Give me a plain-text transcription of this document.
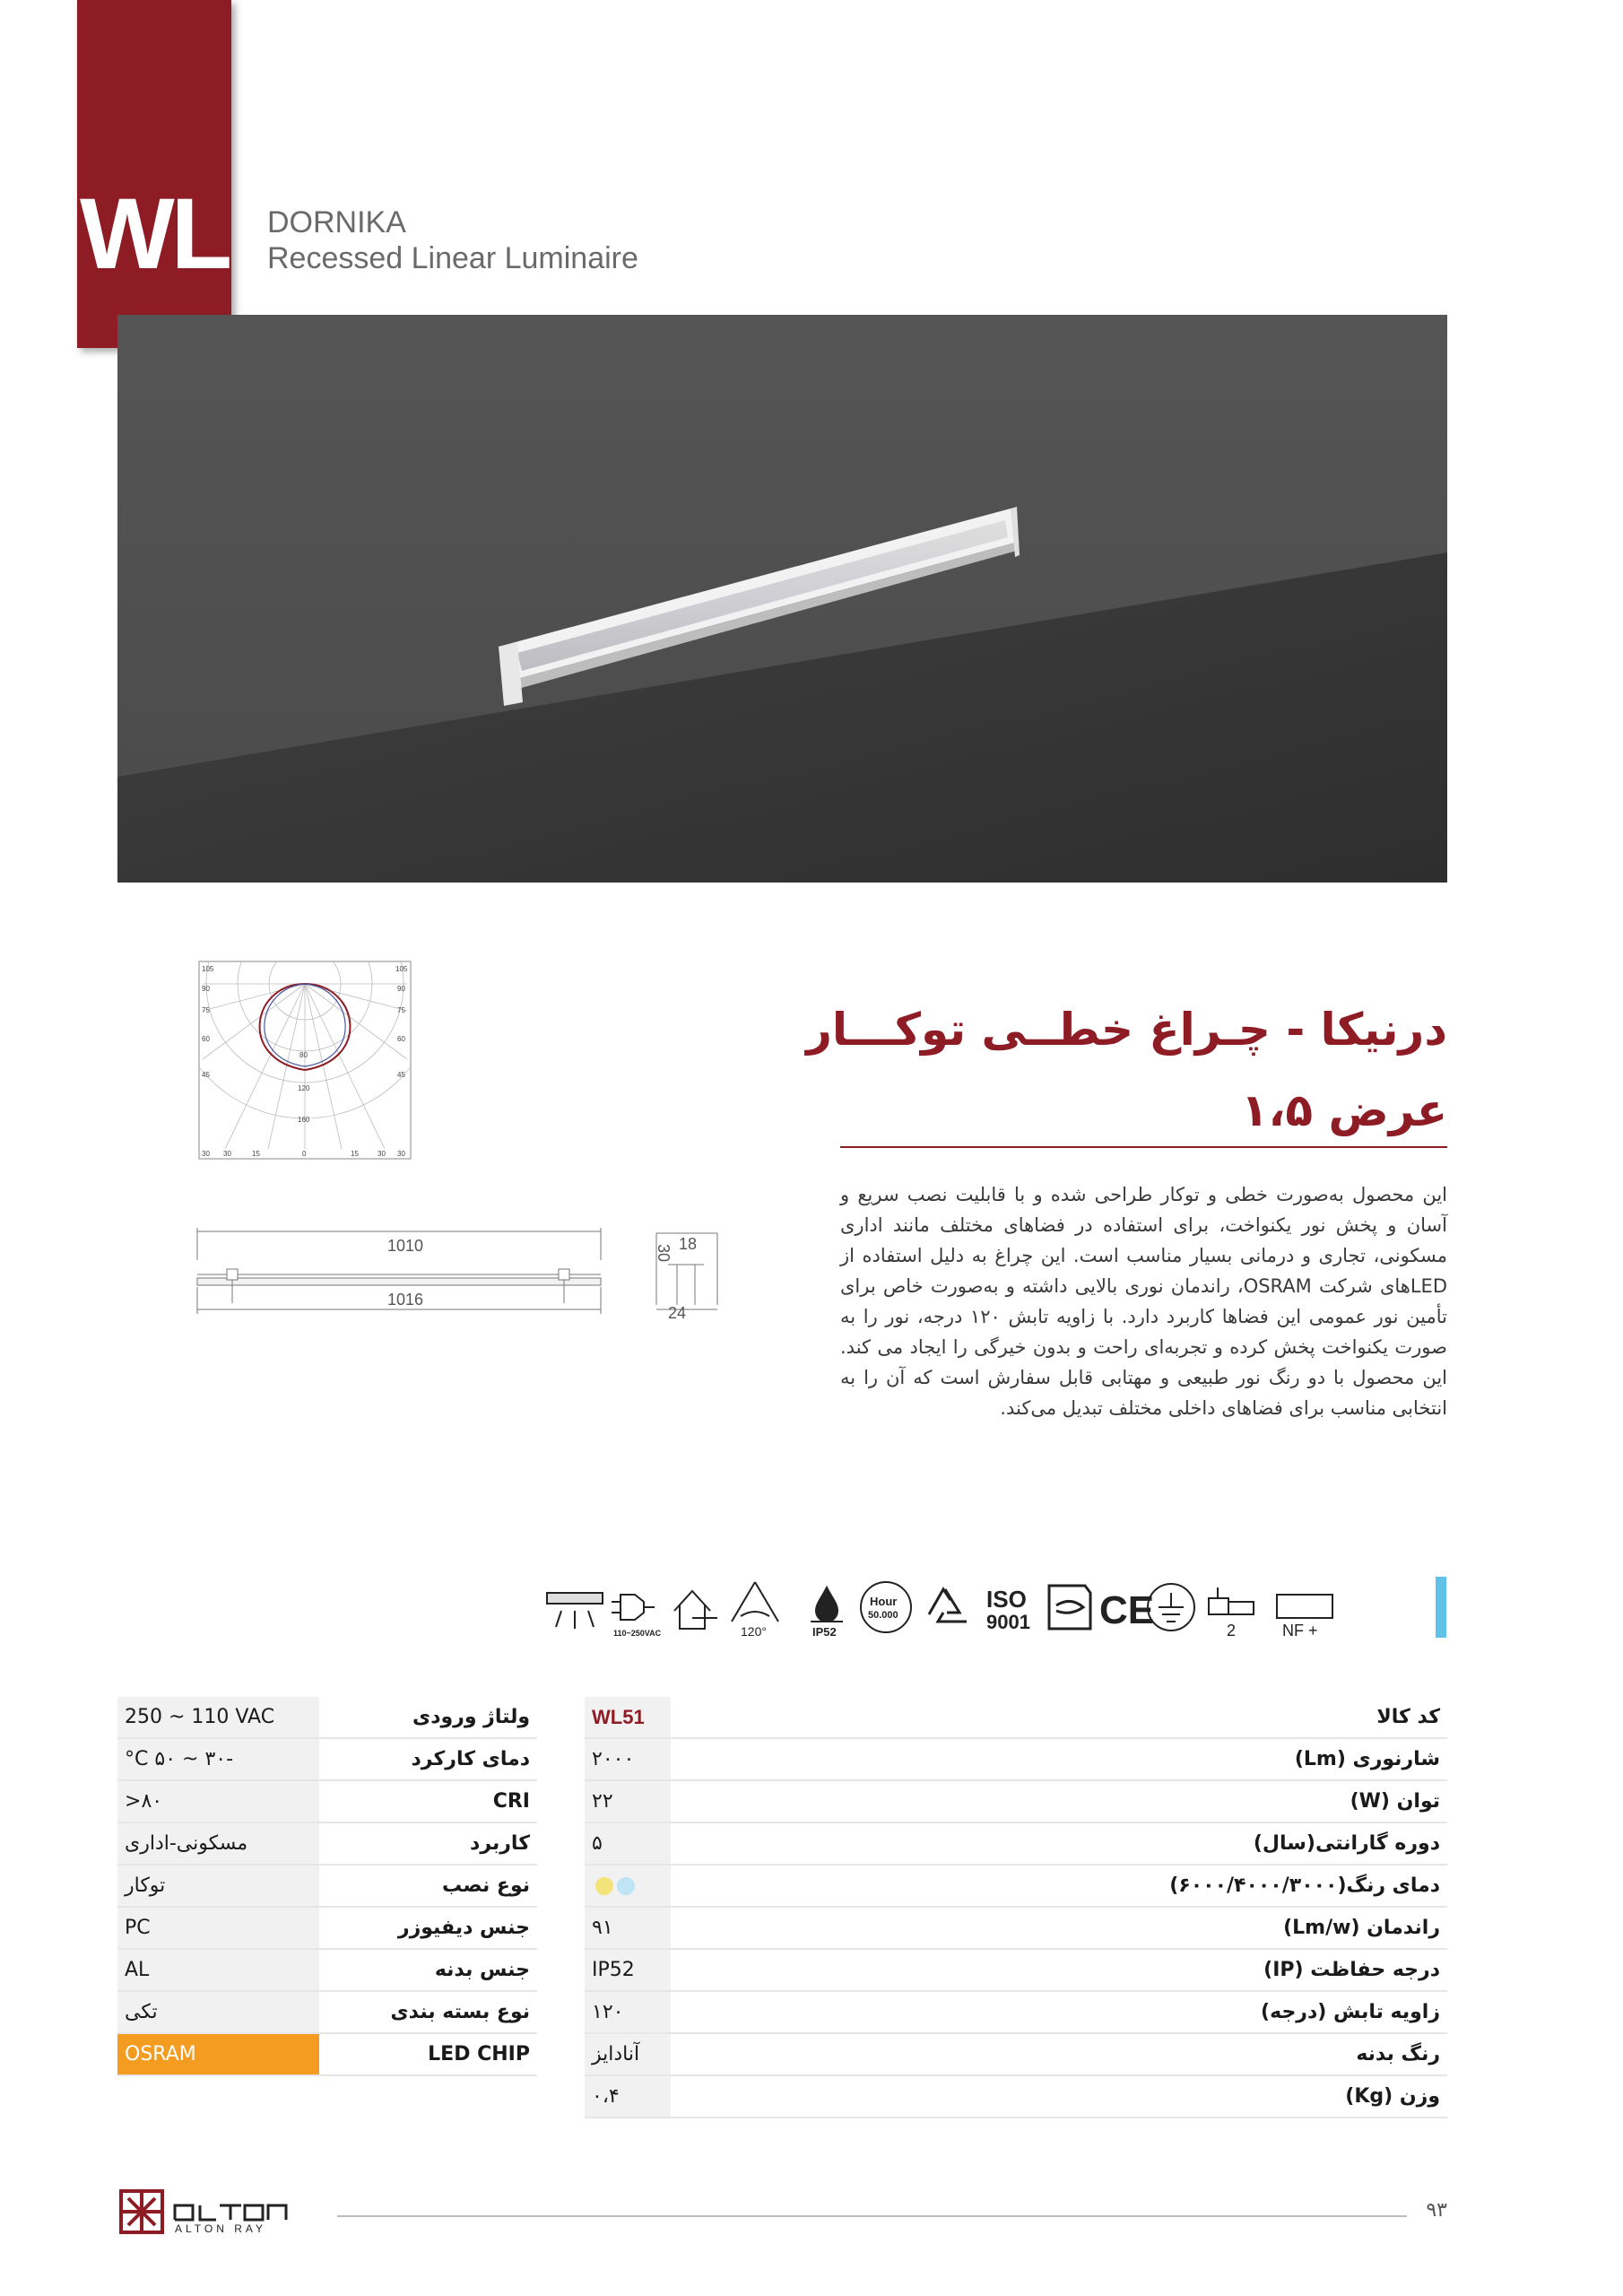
WL DORNIKA
Recessed Linear Luminaire
درنیکا - چـراغ خطــی توکـــار
عرض ۱،۵
این محصول به‌صورت خطی و توکار طراحی شده و با قابلیت نصب سریع و آسان و پخش نور یکنواخت، برای استفاده در فضاهای مختلف مانند اداری مسکونی، تجاری و درمانی بسیار مناسب است. این چراغ به دلیل استفاده از LEDهای شرکت OSRAM، راندمان نوری بالایی داشته و به‌صورت خاص برای تأمین نور عمومی این فضاها کاربرد دارد. با زاویه تابش ۱۲۰ درجه، نور را به صورت یکنواخت پخش کرده و تجربه‌ای راحت و بدون خیرگی را ایجاد می کند. این محصول با دو رنگ نور طبیعی و مهتابی قابل سفارش است که آن را به انتخابی مناسب برای فضاهای داخلی مختلف تبدیل می‌کند.
105
90
75
60
45
30
105
90
75
60
45
30
30	15	0	15	30
80
120
160
1010
1016
30 18
24
110~250VAC	120°	IP52
Hour
50.000
ISO
9001 CE	2	NF +
WL51	کد کالا
۲۰۰۰	شارنوری (Lm)
۲۲	توان (W)
۵	دوره گارانتی(سال)
	دمای رنگ(۶۰۰۰/۴۰۰۰/۳۰۰۰)
۹۱	راندمان (Lm/w)
IP52	درجه حفاظت (IP)
۱۲۰	زاویه تابش (درجه)
آنادایز	رنگ بدنه
۰،۴	وزن (Kg)
250 ~ 110 VAC	ولتاژ ورودی
-۳۰ ~ ۵۰ C°	دمای کارکرد
۸۰<	CRI
مسکونی-اداری	کاربرد
توکار	نوع نصب
PC	جنس دیفیوزر
AL	جنس بدنه
تکی	نوع بسته بندی
OSRAM	LED CHIP
ALTON RAY
۹۳
